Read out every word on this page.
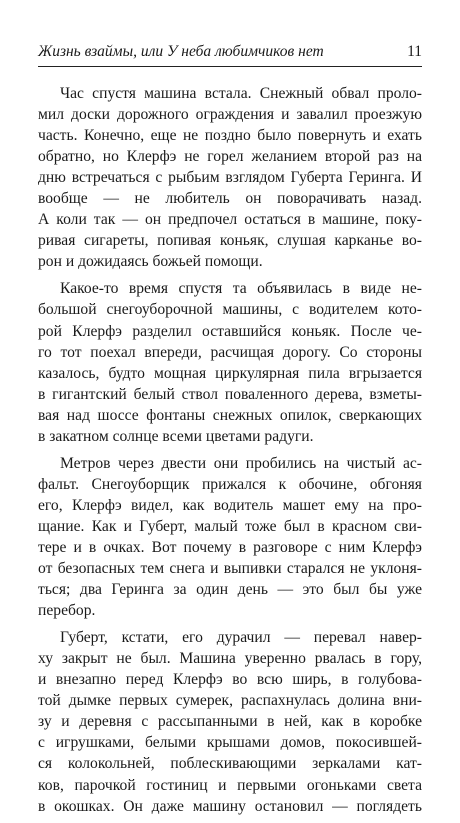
Жизнь взаймы, или У неба любимчиков нет	11
Час спустя машина встала. Снежный обвал проло-
мил доски дорожного ограждения и завалил проезжую
часть. Конечно, еще не поздно было повернуть и ехать
обратно, но Клерфэ не горел желанием второй раз на
дню встречаться с рыбьим взглядом Губерта Геринга. И вообще — не любитель он поворачивать назад.
А коли так — он предпочел остаться в машине, поку-
ривая сигареты, попивая коньяк, слушая карканье во-
рон и дожидаясь божьей помощи.
Какое-то время спустя та объявилась в виде не-
большой снегоуборочной машины, с водителем кото-
рой Клерфэ разделил оставшийся коньяк. После че-
го тот поехал впереди, расчищая дорогу. Со стороны
казалось, будто мощная циркулярная пила вгрызается
в гигантский белый ствол поваленного дерева, взметы-
вая над шоссе фонтаны снежных опилок, сверкающих
в закатном солнце всеми цветами радуги.
Метров через двести они пробились на чистый ас-
фальт. Снегоуборщик прижался к обочине, обгоняя
его, Клерфэ видел, как водитель машет ему на про-
щание. Как и Губерт, малый тоже был в красном сви-
тере и в очках. Вот почему в разговоре с ним Клерфэ
от безопасных тем снега и выпивки старался не уклоня-
ться; два Геринга за один день — это был бы уже
перебор.
Губерт, кстати, его дурачил — перевал навер-
ху закрыт не был. Машина уверенно рвалась в гору,
и внезапно перед Клерфэ во всю ширь, в голубова-
той дымке первых сумерек, распахнулась долина вни-
зу и деревня с рассыпанными в ней, как в коробке
с игрушками, белыми крышами домов, покосившей-
ся колокольней, поблескивающими зеркалами кат-
ков, парочкой гостиниц и первыми огоньками света
в окошках. Он даже машину остановил — поглядеть
